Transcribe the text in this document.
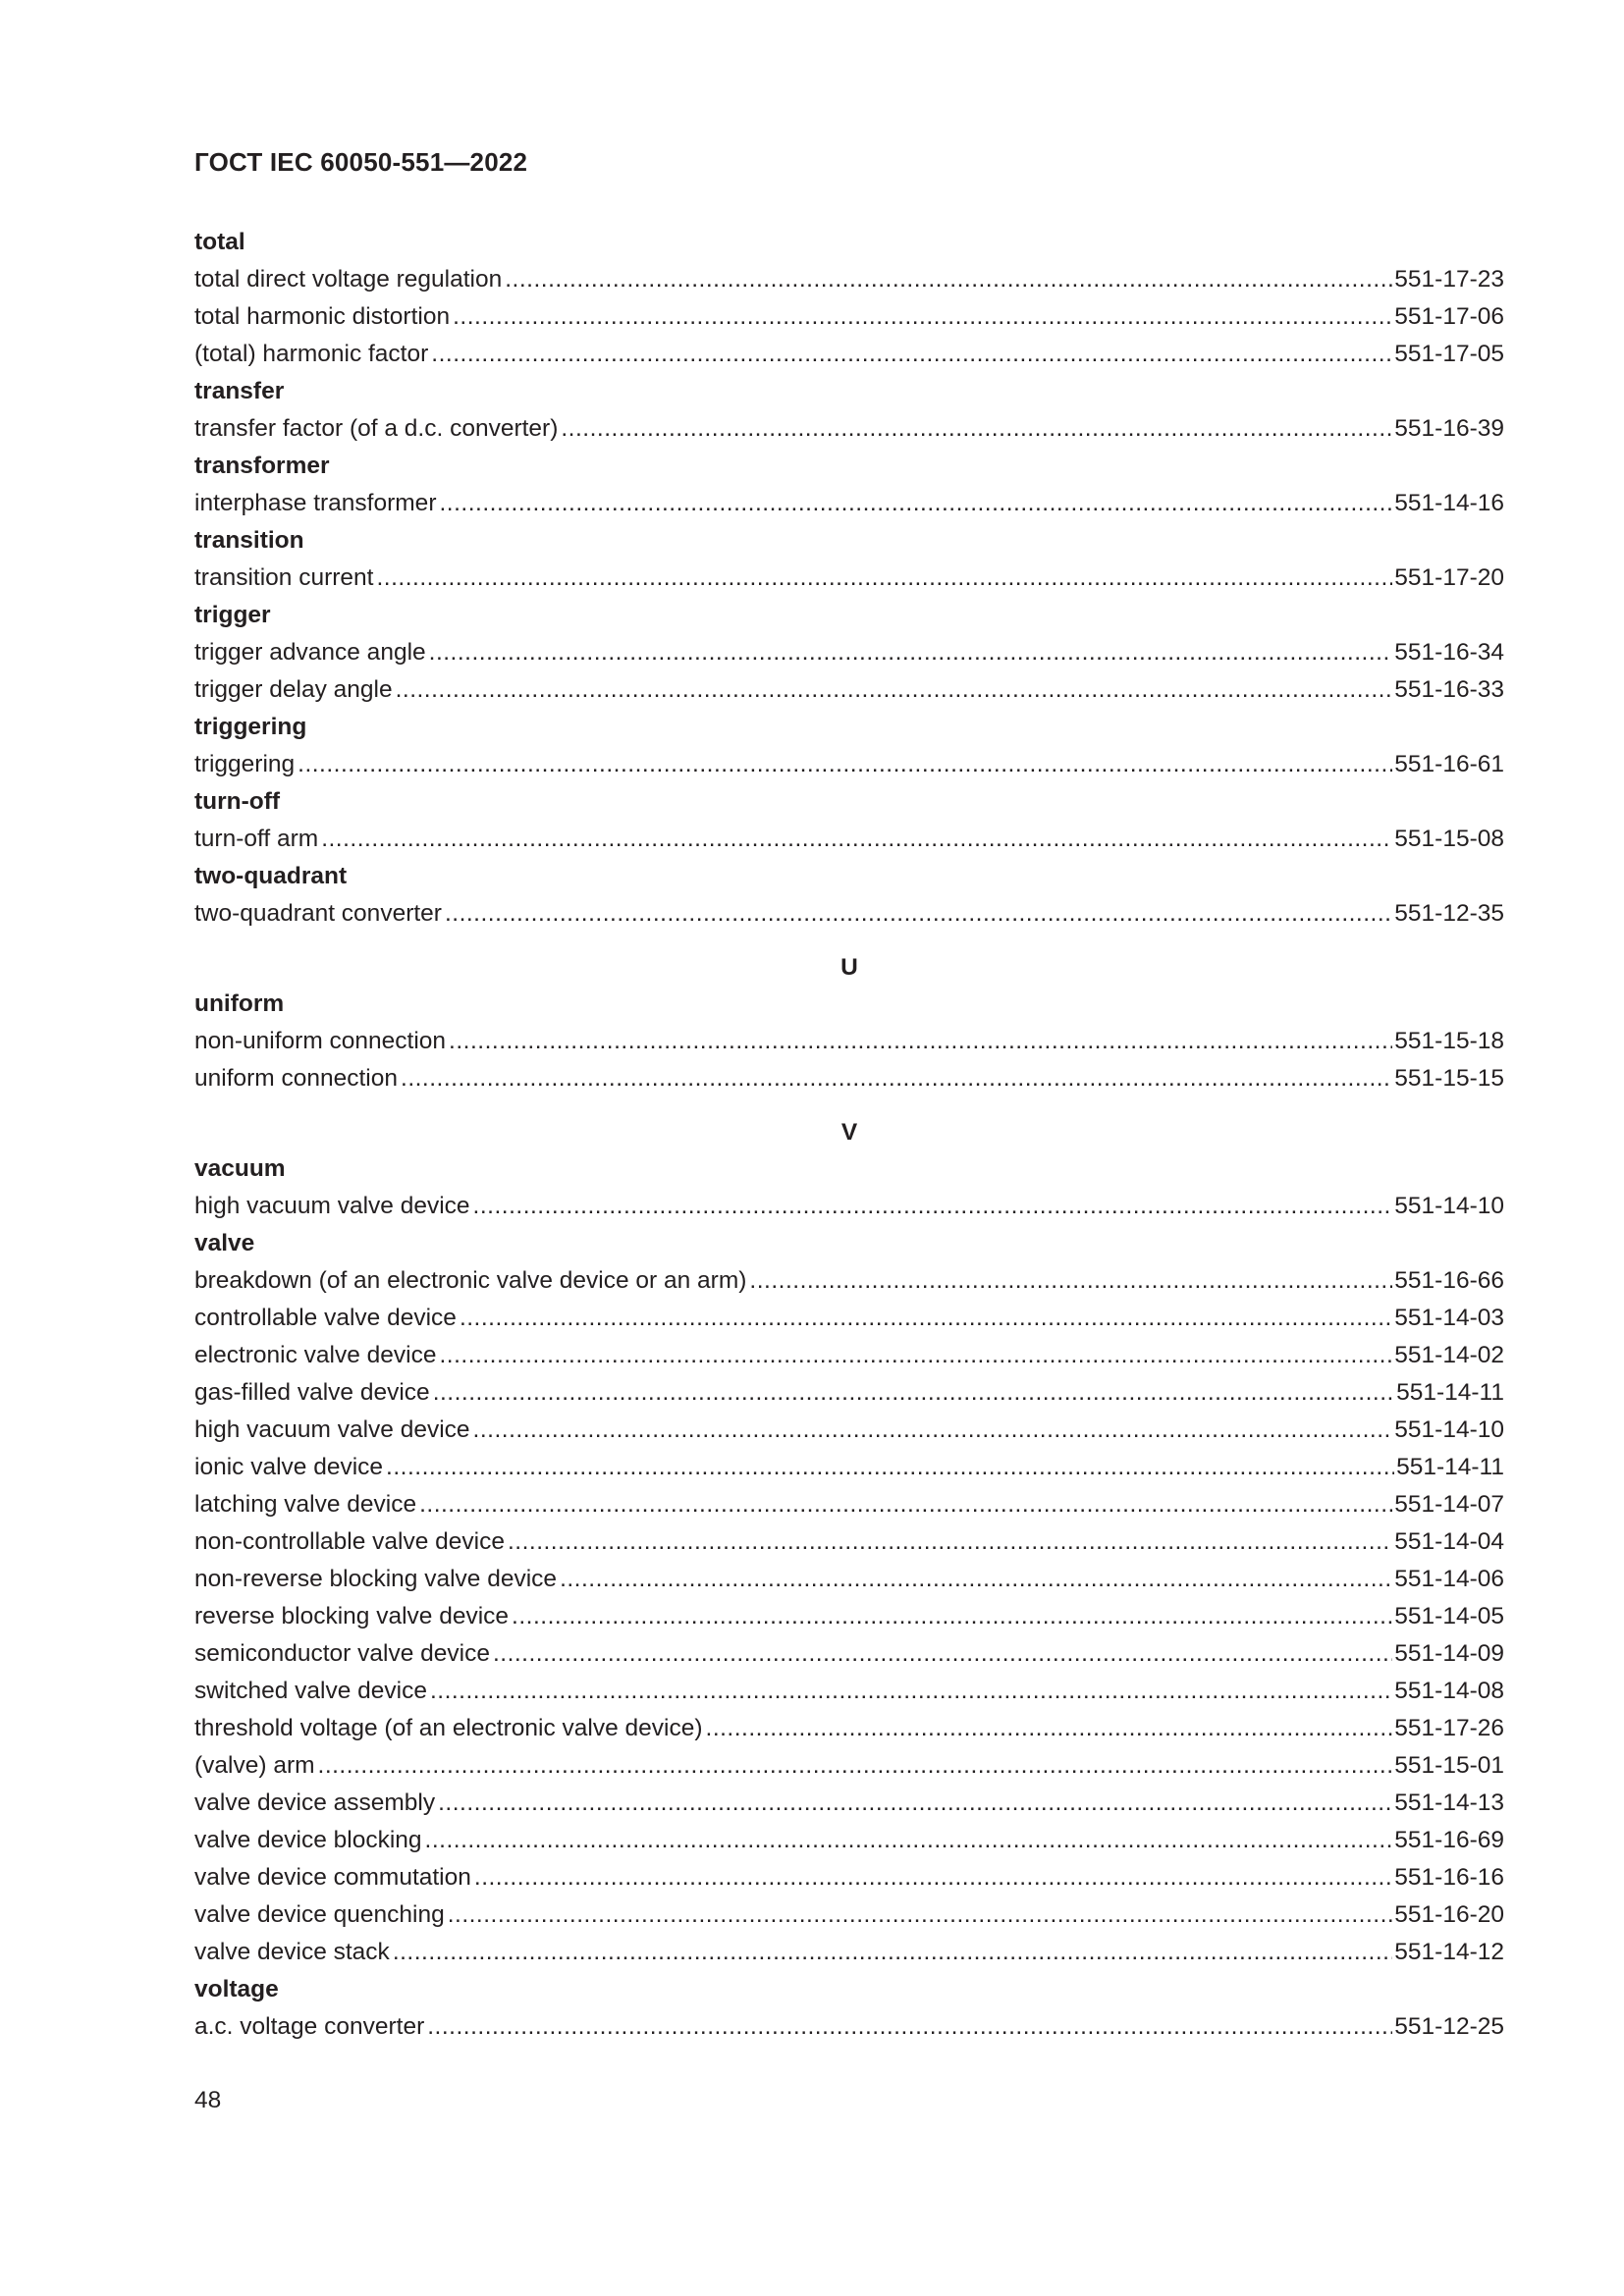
ГОСТ IEC 60050-551—2022
total
total direct voltage regulation .....	551-17-23
total harmonic distortion .....	551-17-06
(total) harmonic factor .....	551-17-05
transfer
transfer factor (of a d.c. converter) .....	551-16-39
transformer
interphase transformer .....	551-14-16
transition
transition current .....	551-17-20
trigger
trigger advance angle .....	551-16-34
trigger delay angle .....	551-16-33
triggering
triggering .....	551-16-61
turn-off
turn-off arm .....	551-15-08
two-quadrant
two-quadrant converter .....	551-12-35
U
uniform
non-uniform connection .....	551-15-18
uniform connection .....	551-15-15
V
vacuum
high vacuum valve device .....	551-14-10
valve
breakdown (of an electronic valve device or an arm) .....	551-16-66
controllable valve device .....	551-14-03
electronic valve device .....	551-14-02
gas-filled valve device .....	551-14-11
high vacuum valve device .....	551-14-10
ionic valve device .....	551-14-11
latching valve device .....	551-14-07
non-controllable valve device .....	551-14-04
non-reverse blocking valve device .....	551-14-06
reverse blocking valve device .....	551-14-05
semiconductor valve device .....	551-14-09
switched valve device .....	551-14-08
threshold voltage (of an electronic valve device) .....	551-17-26
(valve) arm .....	551-15-01
valve device assembly .....	551-14-13
valve device blocking .....	551-16-69
valve device commutation .....	551-16-16
valve device quenching .....	551-16-20
valve device stack .....	551-14-12
voltage
a.c. voltage converter .....	551-12-25
48
